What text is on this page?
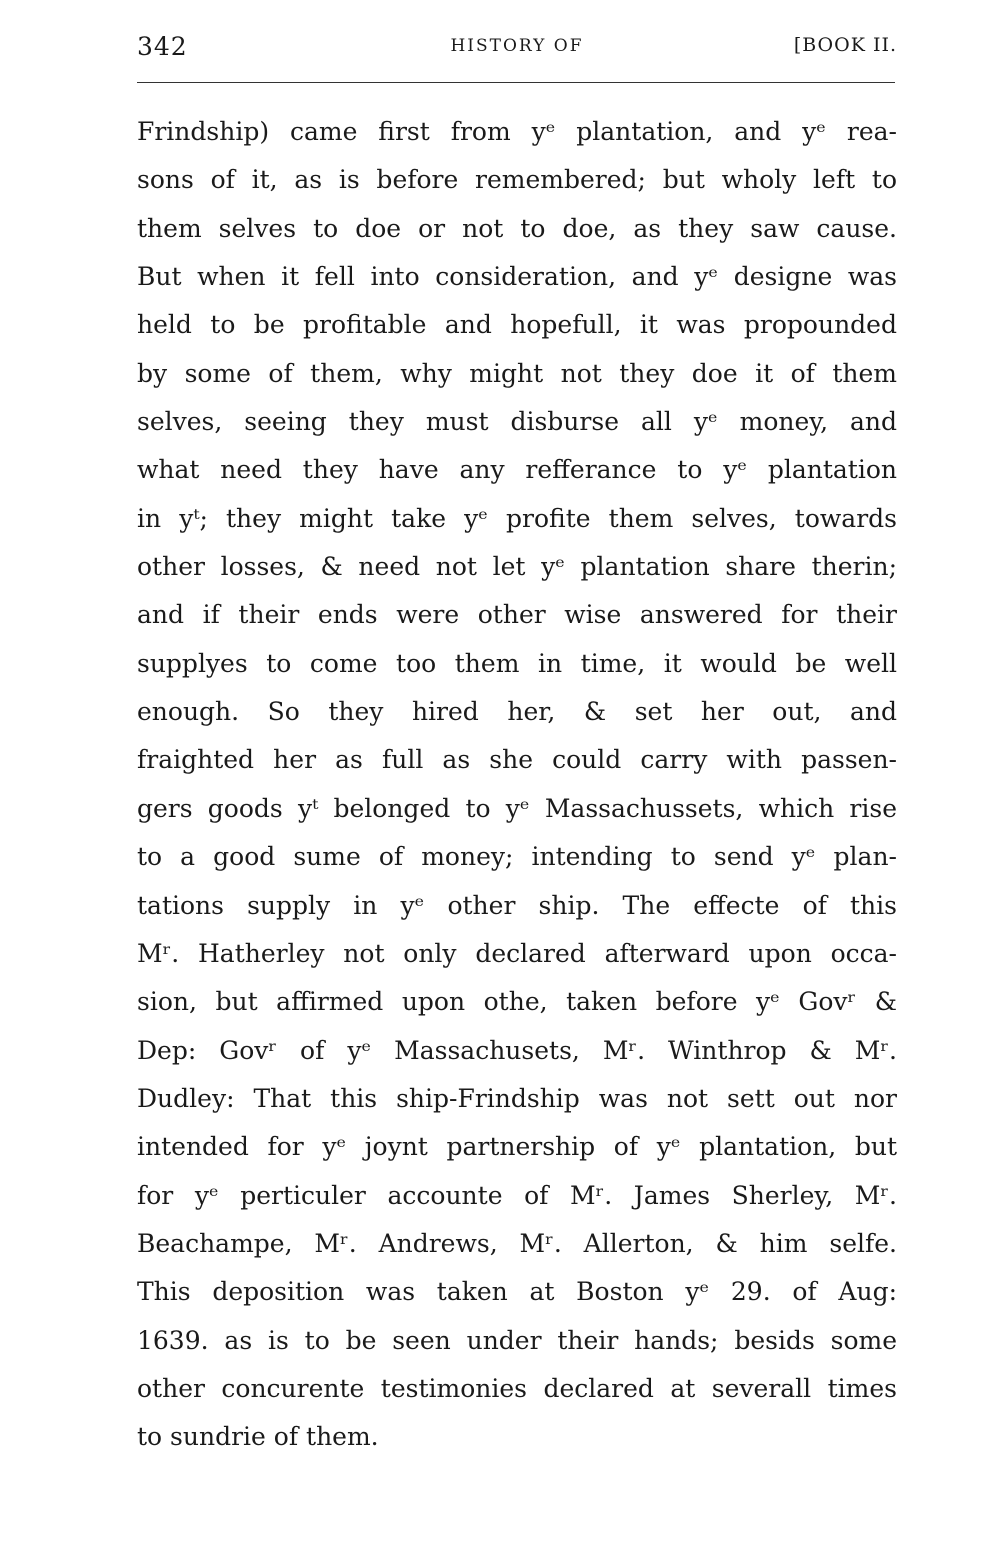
342	HISTORY OF	[BOOK II.
Frindship) came first from yᵉ plantation, and yᵉ rea-
sons of it, as is before remembered; but wholy left to
them selves to doe or not to doe, as they saw cause.
But when it fell into consideration, and yᵉ designe was
held to be profitable and hopefull, it was propounded
by some of them, why might not they doe it of them
selves, seeing they must disburse all yᵉ money, and
what need they have any refferance to yᵉ plantation
in yᵗ; they might take yᵉ profite them selves, towards
other losses, & need not let yᵉ plantation share therin;
and if their ends were other wise answered for their
supplyes to come too them in time, it would be well
enough. So they hired her, & set her out, and
fraighted her as full as she could carry with passen-
gers goods yᵗ belonged to yᵉ Massachussets, which rise
to a good sume of money; intending to send yᵉ plan-
tations supply in yᵉ other ship. The effecte of this
Mʳ. Hatherley not only declared afterward upon occa-
sion, but affirmed upon othe, taken before yᵉ Govʳ &
Dep: Govʳ of yᵉ Massachusets, Mʳ. Winthrop & Mʳ.
Dudley: That this ship-Frindship was not sett out nor
intended for yᵉ joynt partnership of yᵉ plantation, but
for yᵉ perticuler accounte of Mʳ. James Sherley, Mʳ.
Beachampe, Mʳ. Andrews, Mʳ. Allerton, & him selfe.
This deposition was taken at Boston yᵉ 29. of Aug:
1639. as is to be seen under their hands; besids some
other concurente testimonies declared at severall times
to sundrie of them.
